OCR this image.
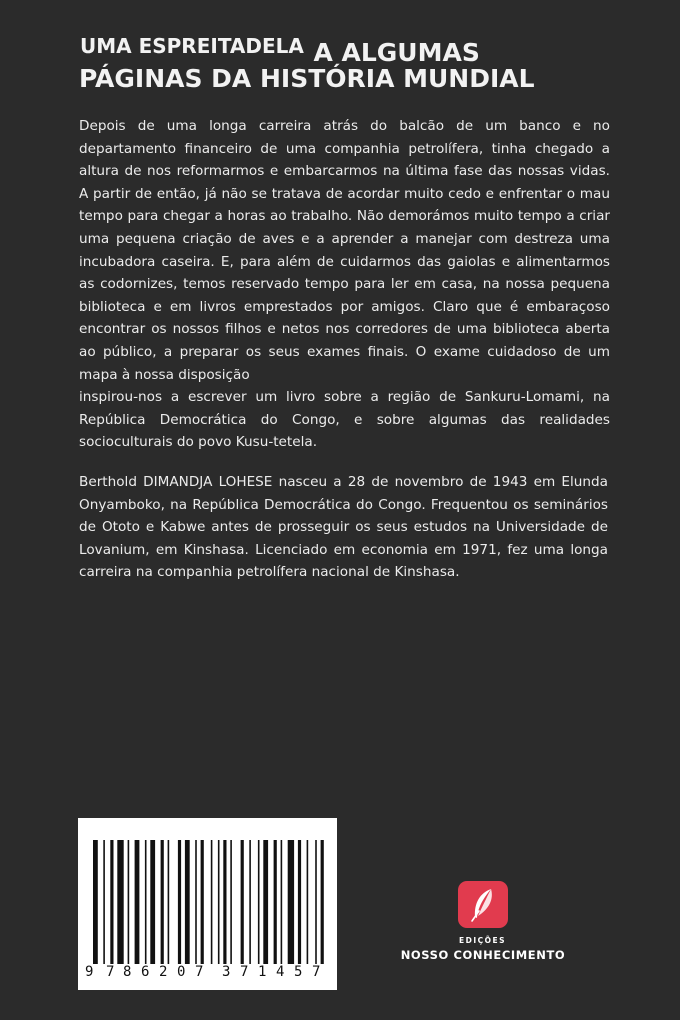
UMA ESPREITADELA A ALGUMAS
PÁGINAS DA HISTÓRIA MUNDIAL

Depois de uma longa carreira atrás do balcão de um banco e no departamento financeiro de uma companhia petrolífera, tinha chegado a altura de nos reformarmos e embarcarmos na última fase das nossas vidas. A partir de então, já não se tratava de acordar muito cedo e enfrentar o mau tempo para chegar a horas ao trabalho. Não demorámos muito tempo a criar uma pequena criação de aves e a aprender a manejar com destreza uma incubadora caseira. E, para além de cuidarmos das gaiolas e alimentarmos as codornizes, temos reservado tempo para ler em casa, na nossa pequena biblioteca e em livros emprestados por amigos. Claro que é embaraçoso encontrar os nossos filhos e netos nos corredores de uma biblioteca aberta ao público, a preparar os seus exames finais. O exame cuidadoso de um mapa à nossa disposição
inspirou-nos a escrever um livro sobre a região de Sankuru-Lomami, na República Democrática do Congo, e sobre algumas das realidades socioculturais do povo Kusu-tetela.

Berthold DIMANDJA LOHESE nasceu a 28 de novembro de 1943 em Elunda Onyamboko, na República Democrática do Congo. Frequentou os seminários de Ototo e Kabwe antes de prosseguir os seus estudos na Universidade de Lovanium, em Kinshasa. Licenciado em economia em 1971, fez uma longa carreira na companhia petrolífera nacional de Kinshasa.

9 7 8 6 2 0 7 3 7 1 4 5 7
EDIÇÕES
NOSSO CONHECIMENTO
